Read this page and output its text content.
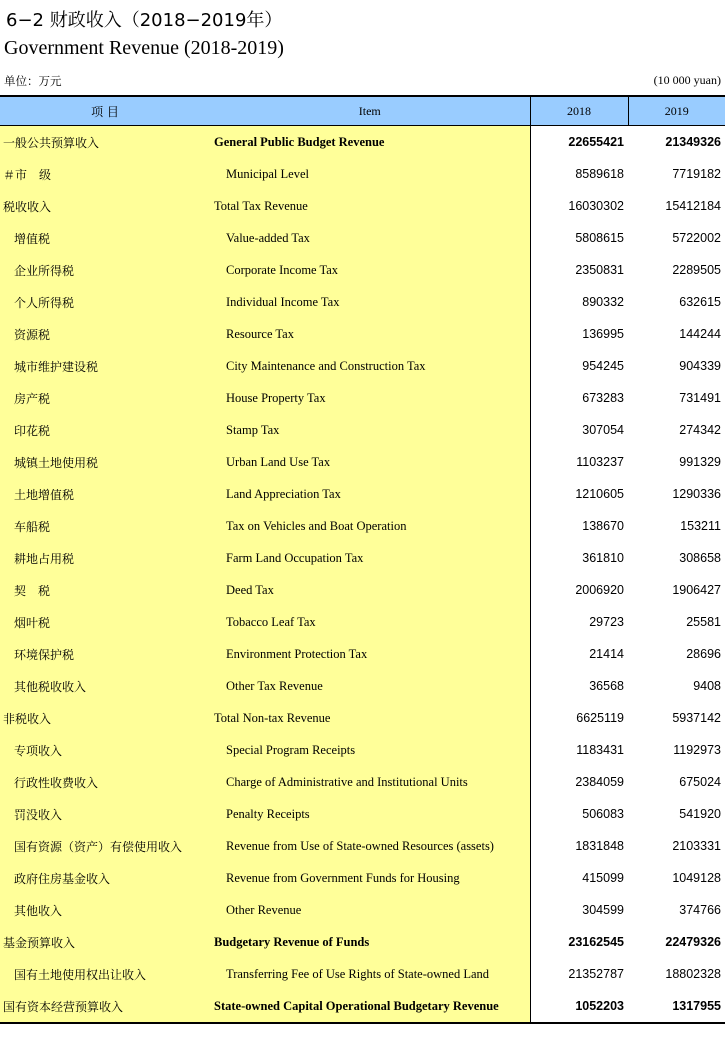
6−2 财政收入（2018−2019年）
Government Revenue (2018-2019)
单位：万元	(10 000 yuan)
项 目	Item	2018	2019
一般公共预算收入	General Public Budget Revenue	22655421	21349326
＃市　级	Municipal Level	8589618	7719182
税收收入	Total Tax Revenue	16030302	15412184
增值税	Value-added Tax	5808615	5722002
企业所得税	Corporate Income Tax	2350831	2289505
个人所得税	Individual Income Tax	890332	632615
资源税	Resource Tax	136995	144244
城市维护建设税	City Maintenance and Construction Tax	954245	904339
房产税	House Property Tax	673283	731491
印花税	Stamp Tax	307054	274342
城镇土地使用税	Urban Land Use Tax	1103237	991329
土地增值税	Land Appreciation Tax	1210605	1290336
车船税	Tax on Vehicles and Boat Operation	138670	153211
耕地占用税	Farm Land Occupation Tax	361810	308658
契　税	Deed Tax	2006920	1906427
烟叶税	Tobacco Leaf Tax	29723	25581
环境保护税	Environment Protection Tax	21414	28696
其他税收收入	Other Tax Revenue	36568	9408
非税收入	Total Non-tax Revenue	6625119	5937142
专项收入	Special Program Receipts	1183431	1192973
行政性收费收入	Charge of Administrative and Institutional Units	2384059	675024
罚没收入	Penalty Receipts	506083	541920
国有资源（资产）有偿使用收入	Revenue from Use of State-owned Resources (assets)	1831848	2103331
政府住房基金收入	Revenue from Government Funds for Housing	415099	1049128
其他收入	Other Revenue	304599	374766
基金预算收入	Budgetary Revenue of Funds	23162545	22479326
国有土地使用权出让收入	Transferring Fee of Use Rights of State-owned Land	21352787	18802328
国有资本经营预算收入	State-owned Capital Operational Budgetary Revenue	1052203	1317955
